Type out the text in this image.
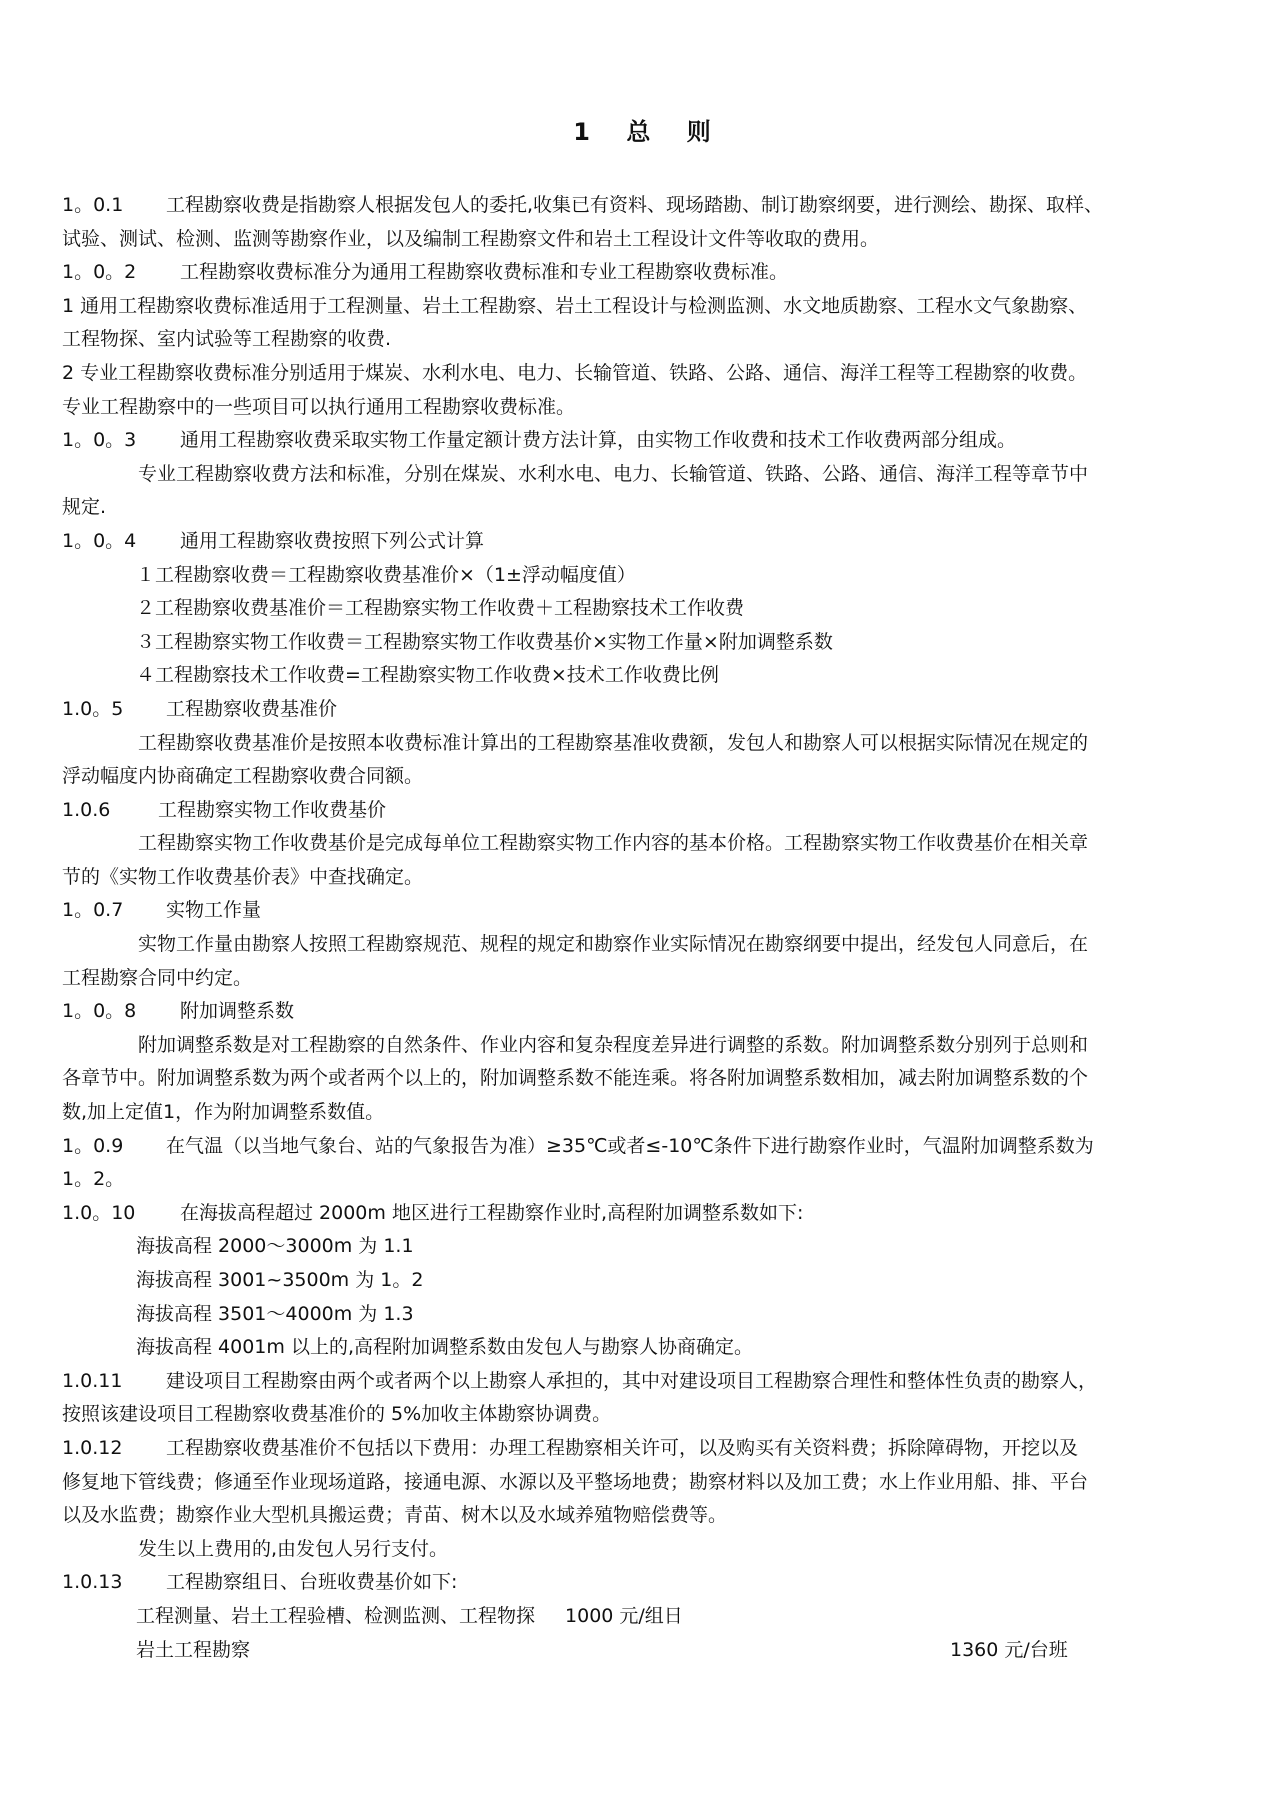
1 总 则
1。0.1 工程勘察收费是指勘察人根据发包人的委托,收集已有资料、现场踏勘、制订勘察纲要，进行测绘、勘探、取样、
试验、测试、检测、监测等勘察作业，以及编制工程勘察文件和岩土工程设计文件等收取的费用。
1。0。2 工程勘察收费标准分为通用工程勘察收费标准和专业工程勘察收费标准。
1 通用工程勘察收费标准适用于工程测量、岩土工程勘察、岩土工程设计与检测监测、水文地质勘察、工程水文气象勘察、
工程物探、室内试验等工程勘察的收费.
2 专业工程勘察收费标准分别适用于煤炭、水利水电、电力、长输管道、铁路、公路、通信、海洋工程等工程勘察的收费。
专业工程勘察中的一些项目可以执行通用工程勘察收费标准。
1。0。3 通用工程勘察收费采取实物工作量定额计费方法计算，由实物工作收费和技术工作收费两部分组成。
专业工程勘察收费方法和标准，分别在煤炭、水利水电、电力、长输管道、铁路、公路、通信、海洋工程等章节中
规定.
1。0。4 通用工程勘察收费按照下列公式计算
１工程勘察收费＝工程勘察收费基准价×（1±浮动幅度值）
２工程勘察收费基准价＝工程勘察实物工作收费＋工程勘察技术工作收费
３工程勘察实物工作收费＝工程勘察实物工作收费基价×实物工作量×附加调整系数
４工程勘察技术工作收费=工程勘察实物工作收费×技术工作收费比例
1.0。5 工程勘察收费基准价
工程勘察收费基准价是按照本收费标准计算出的工程勘察基准收费额，发包人和勘察人可以根据实际情况在规定的
浮动幅度内协商确定工程勘察收费合同额。
1.0.6	工程勘察实物工作收费基价
工程勘察实物工作收费基价是完成每单位工程勘察实物工作内容的基本价格。工程勘察实物工作收费基价在相关章
节的《实物工作收费基价表》中查找确定。
1。0.7 实物工作量
实物工作量由勘察人按照工程勘察规范、规程的规定和勘察作业实际情况在勘察纲要中提出，经发包人同意后，在
工程勘察合同中约定。
1。0。8 附加调整系数
附加调整系数是对工程勘察的自然条件、作业内容和复杂程度差异进行调整的系数。附加调整系数分别列于总则和
各章节中。附加调整系数为两个或者两个以上的，附加调整系数不能连乘。将各附加调整系数相加，减去附加调整系数的个
数,加上定值1，作为附加调整系数值。
1。0.9 在气温（以当地气象台、站的气象报告为准）≥35℃或者≤-10℃条件下进行勘察作业时，气温附加调整系数为
1。2。
1.0。10 在海拔高程超过 2000m 地区进行工程勘察作业时,高程附加调整系数如下:
海拔高程 2000～3000m 为 1.1
海拔高程 3001~3500m 为 1。2
海拔高程 3501～4000m 为 1.3
海拔高程 4001m 以上的,高程附加调整系数由发包人与勘察人协商确定。
1.0.11 建设项目工程勘察由两个或者两个以上勘察人承担的，其中对建设项目工程勘察合理性和整体性负责的勘察人，
按照该建设项目工程勘察收费基准价的 5%加收主体勘察协调费。
1.0.12 工程勘察收费基准价不包括以下费用：办理工程勘察相关许可，以及购买有关资料费；拆除障碍物，开挖以及
修复地下管线费；修通至作业现场道路，接通电源、水源以及平整场地费；勘察材料以及加工费；水上作业用船、排、平台
以及水监费；勘察作业大型机具搬运费；青苗、树木以及水域养殖物赔偿费等。
发生以上费用的,由发包人另行支付。
1.0.13 工程勘察组日、台班收费基价如下:
工程测量、岩土工程验槽、检测监测、工程物探 1000 元/组日
岩土工程勘察	1360 元/台班
